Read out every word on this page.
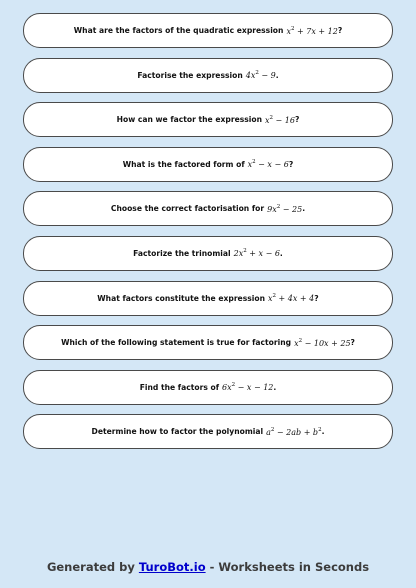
What are the factors of the quadratic expression $x^2 + 7x + 12$ ?
Factorise the expression $4x^2 - 9$ .
How can we factor the expression $x^2 - 16$ ?
What is the factored form of $x^2 - x - 6$ ?
Choose the correct factorisation for $9x^2 - 25$ .
Factorize the trinomial $2x^2 + x - 6$ .
What factors constitute the expression $x^2 + 4x + 4$ ?
Which of the following statement is true for factoring $x^2 - 10x + 25$ ?
Find the factors of $6x^2 - x - 12$ .
Determine how to factor the polynomial $a^2 - 2ab + b^2$ .
Generated by TuroBot.io - Worksheets in Seconds
